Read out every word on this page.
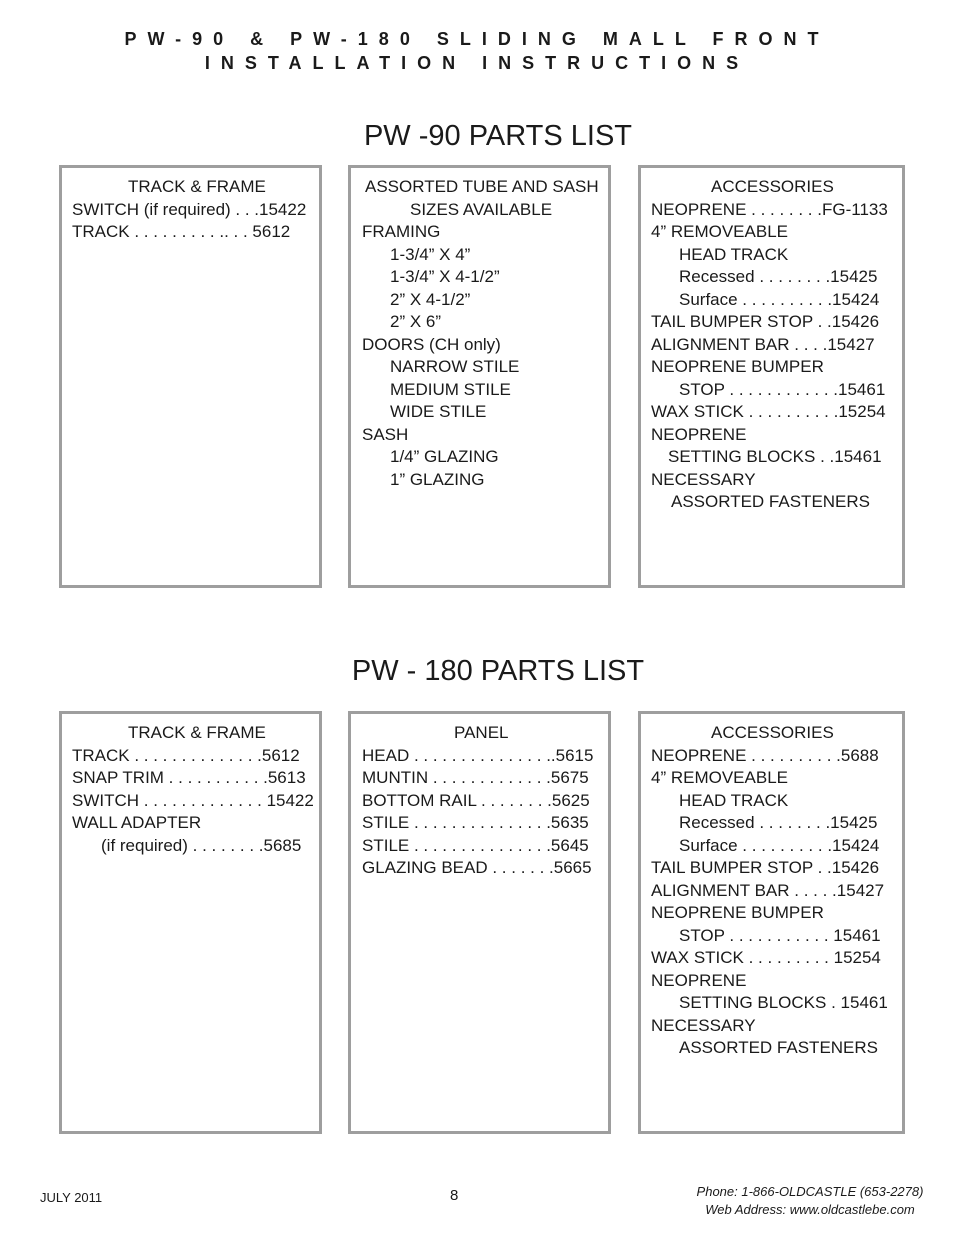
PW-90 & PW-180 SLIDING MALL FRONT
INSTALLATION INSTRUCTIONS
PW -90 PARTS LIST
TRACK & FRAME
SWITCH (if required) . . .15422
TRACK . . . . . . . . . .. . . 5612
ASSORTED TUBE AND SASH
SIZES AVAILABLE
FRAMING
1-3/4” X 4”
1-3/4” X 4-1/2”
2” X 4-1/2”
2” X 6”
DOORS (CH only)
NARROW STILE
MEDIUM STILE
WIDE STILE
SASH
1/4” GLAZING
1” GLAZING
ACCESSORIES
NEOPRENE . . . . . . . .FG-1133
4” REMOVEABLE
HEAD TRACK
Recessed . . . . . . . .15425
Surface . . . . . . . . . .15424
TAIL BUMPER STOP . .15426
ALIGNMENT BAR . . . .15427
NEOPRENE BUMPER
STOP . . . . . . . . . . . .15461
WAX STICK . . . . . . . . . .15254
NEOPRENE
SETTING BLOCKS . .15461
NECESSARY
ASSORTED FASTENERS
PW - 180 PARTS LIST
TRACK & FRAME
TRACK . . . . . . . . . . . . . .5612
SNAP TRIM . . . . . . . . . . .5613
SWITCH . . . . . . . . . . . . . 15422
WALL ADAPTER
(if required) . . . . . . . .5685
PANEL
HEAD . . . . . . . . . . . . . . ..5615
MUNTIN . . . . . . . . . . . . .5675
BOTTOM RAIL . . . . . . . .5625
STILE . . . . . . . . . . . . . . .5635
STILE . . . . . . . . . . . . . . .5645
GLAZING BEAD . . . . . . .5665
ACCESSORIES
NEOPRENE . . . . . . . . . .5688
4” REMOVEABLE
HEAD TRACK
Recessed . . . . . . . .15425
Surface . . . . . . . . . .15424
TAIL BUMPER STOP . .15426
ALIGNMENT BAR . . . . .15427
NEOPRENE BUMPER
STOP . . . . . . . . . . . 15461
WAX STICK . . . . . . . . . 15254
NEOPRENE
SETTING BLOCKS . 15461
NECESSARY
ASSORTED FASTENERS
JULY 2011	8	Phone: 1-866-OLDCASTLE (653-2278)
Web Address: www.oldcastlebe.com
